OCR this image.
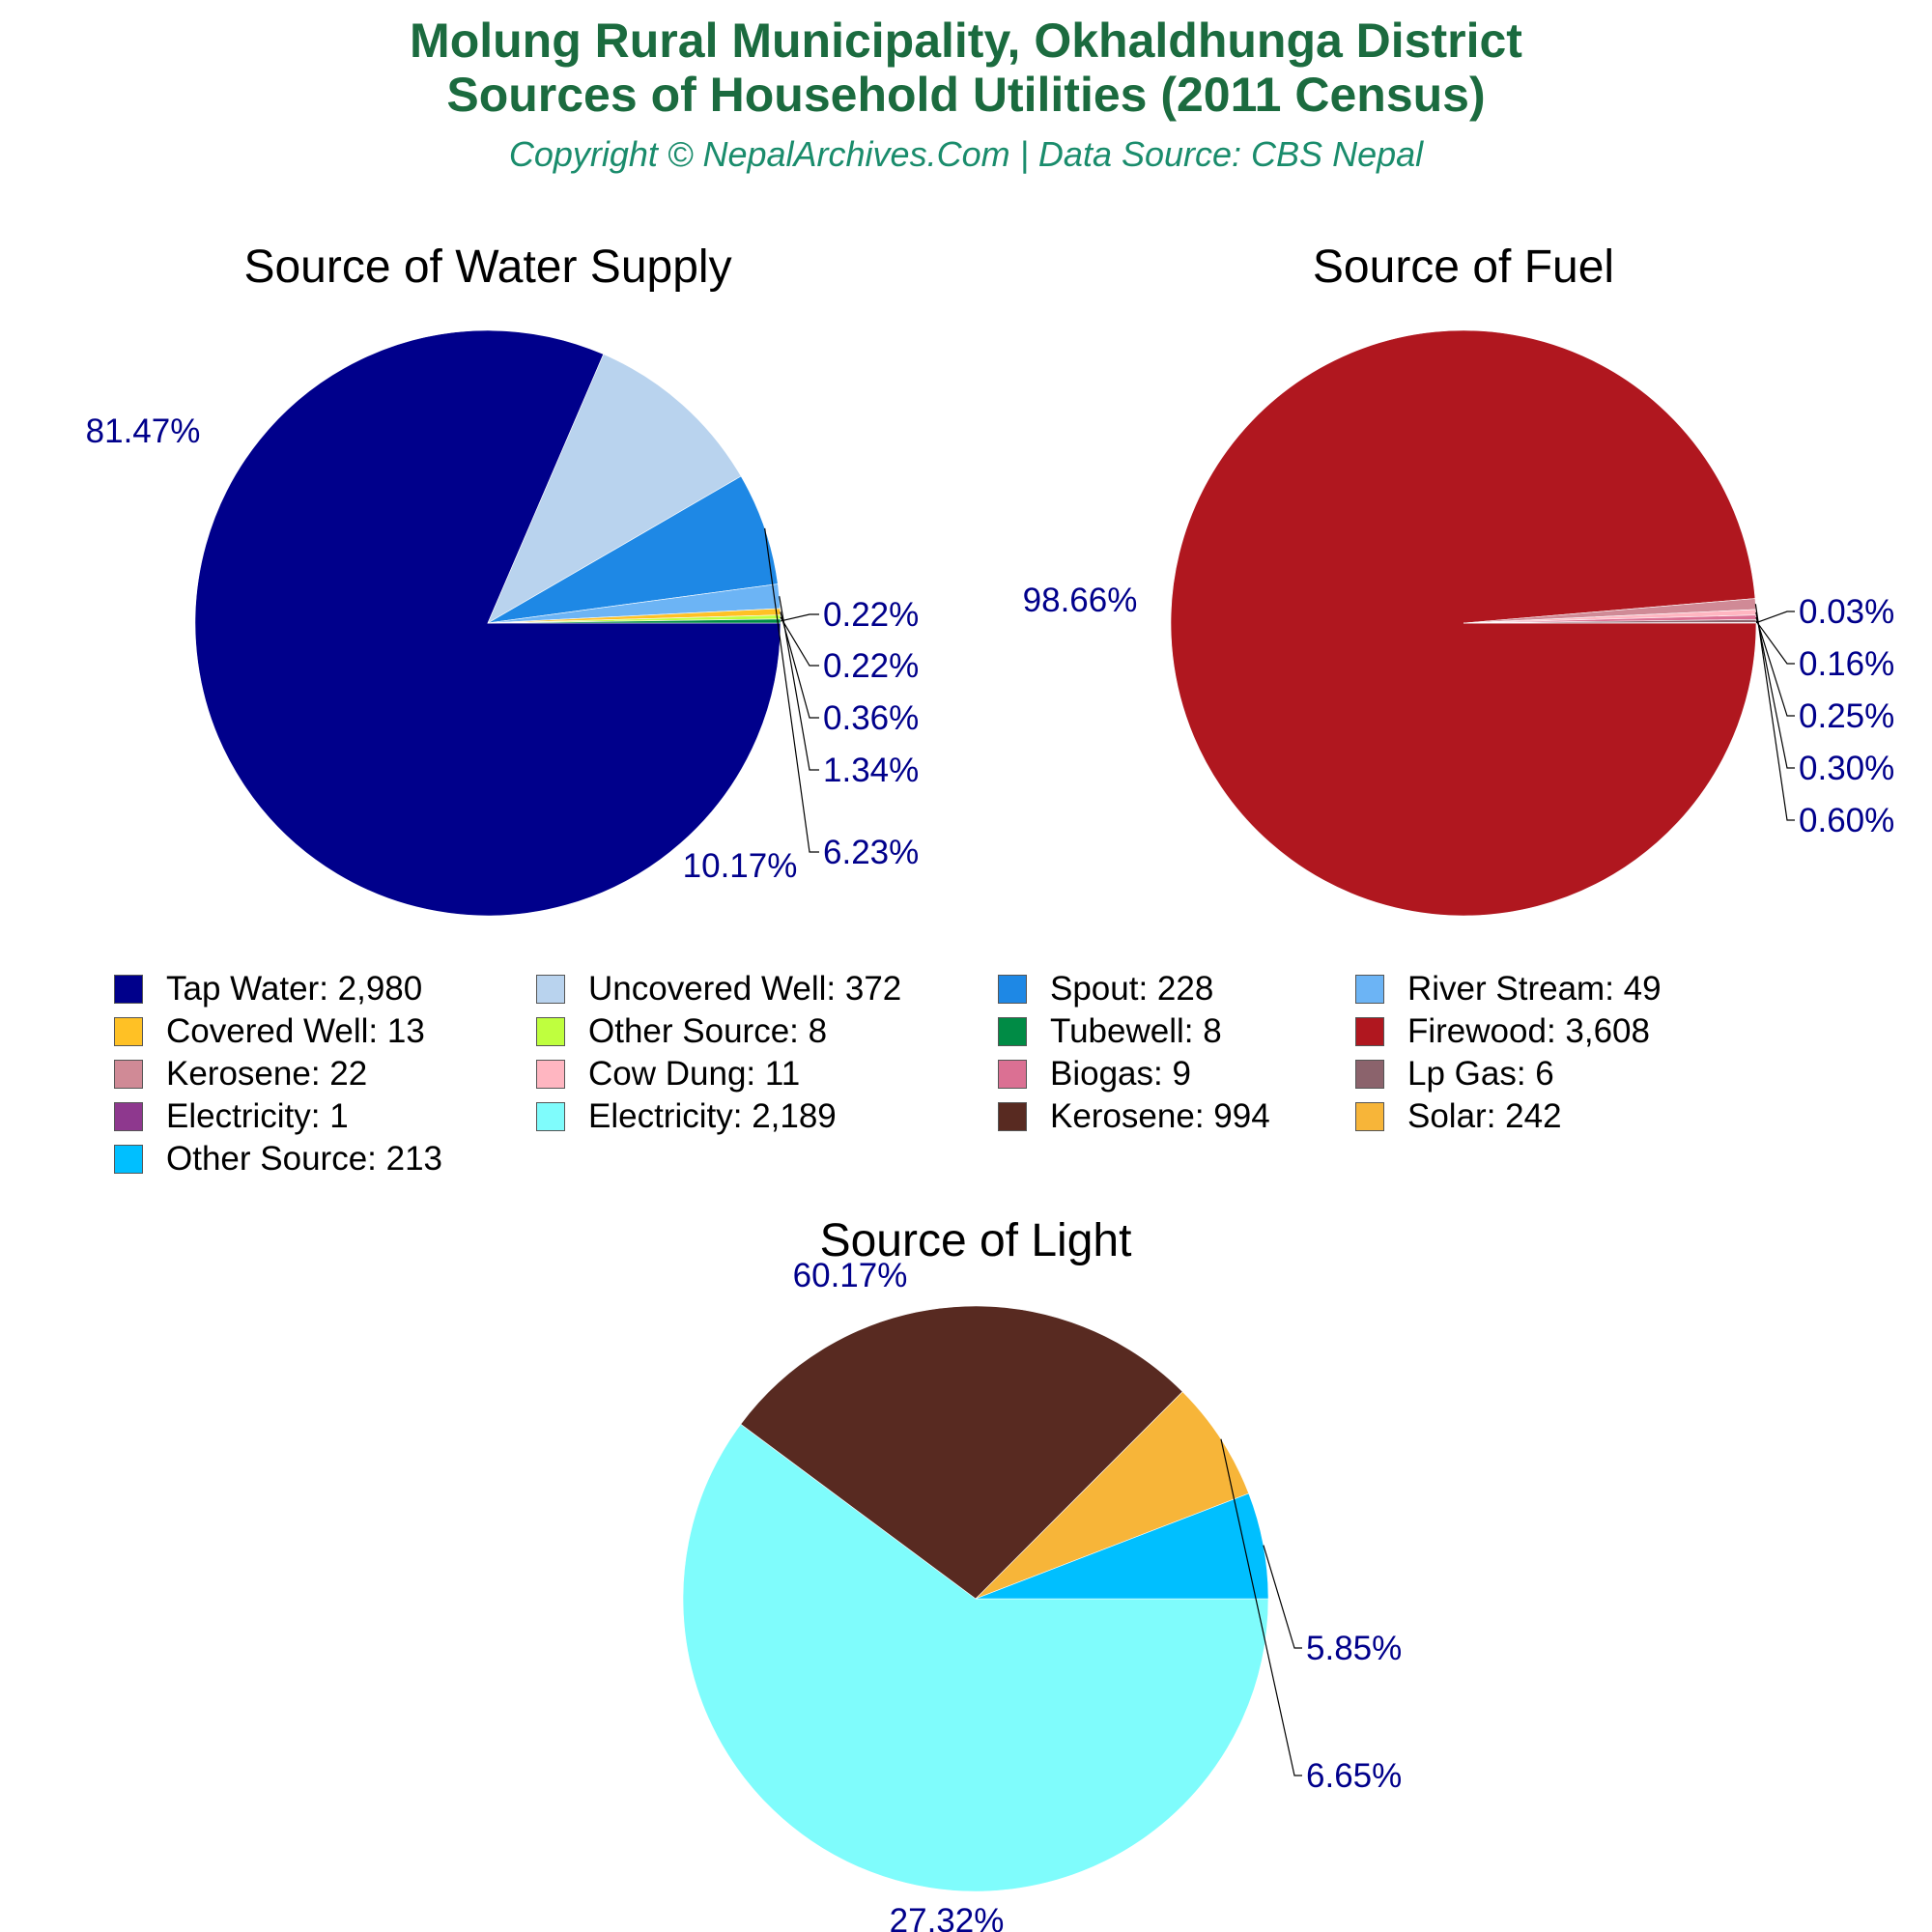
Molung Rural Municipality, Okhaldhunga District
Sources of Household Utilities (2011 Census)
Copyright © NepalArchives.Com | Data Source: CBS Nepal
Source of Water Supply
81.47%
10.17% 6.23%
1.34%
0.36%
0.22%
0.22%
Source of Fuel
98.66%
0.60%
0.30%
0.25%
0.16%
0.03%
Source of Light
60.17%
27.32%
6.65%
5.85%
Tap Water: 2,980	Uncovered Well: 372	Spout: 228	River Stream: 49
Covered Well: 13	Other Source: 8	Tubewell: 8	Firewood: 3,608
Kerosene: 22	Cow Dung: 11	Biogas: 9	Lp Gas: 6
Electricity: 1	Electricity: 2,189	Kerosene: 994	Solar: 242
Other Source: 213
